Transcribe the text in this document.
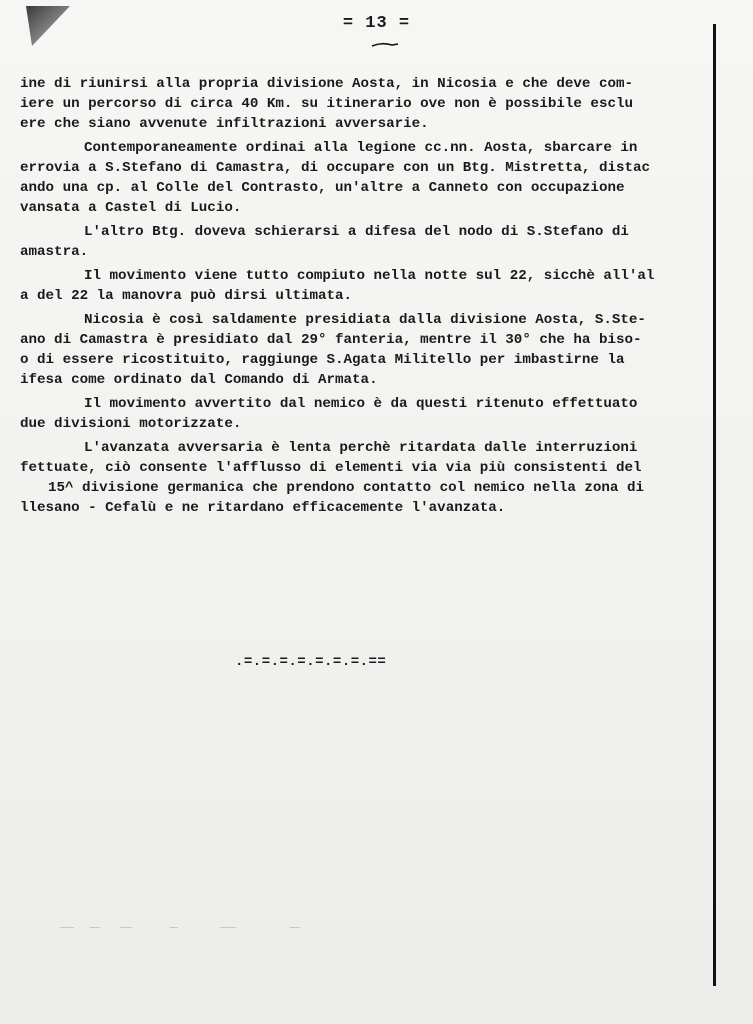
= 13 =
ine di riunirsi alla propria divisione Aosta, in Nicosia e che deve com-
iere un percorso di circa 40 Km. su itinerario ove non è possibile esclu
ere che siano avvenute infiltrazioni avversarie.
Contemporaneamente ordinai alla legione cc.nn. Aosta, sbarcare in
errovia a S.Stefano di Camastra, di occupare con un Btg. Mistretta, distac
ando una cp. al Colle del Contrasto, un'altre a Canneto con occupazione
vansata a Castel di Lucio.
L'altro Btg. doveva schierarsi a difesa del nodo di S.Stefano di
amastra.
Il movimento viene tutto compiuto nella notte sul 22, sicchè all'al
a del 22 la manovra può dirsi ultimata.
Nicosia è così saldamente presidiata dalla divisione Aosta, S.Ste-
ano di Camastra è presidiato dal 29° fanteria, mentre il 30° che ha biso-
o di essere ricostituito, raggiunge S.Agata Militello per imbastirne la
ifesa come ordinato dal Comando di Armata.
Il movimento avvertito dal nemico è da questi ritenuto effettuato
due divisioni motorizzate.
L'avanzata avversaria è lenta perchè ritardata dalle interruzioni
fettuate, ciò consente l'afflusso di elementi via via più consistenti del
15^ divisione germanica che prendono contatto col nemico nella zona di
llesano - Cefalù e ne ritardano efficacemente l'avanzata.
.=.=.=.=.=.=.=.==
